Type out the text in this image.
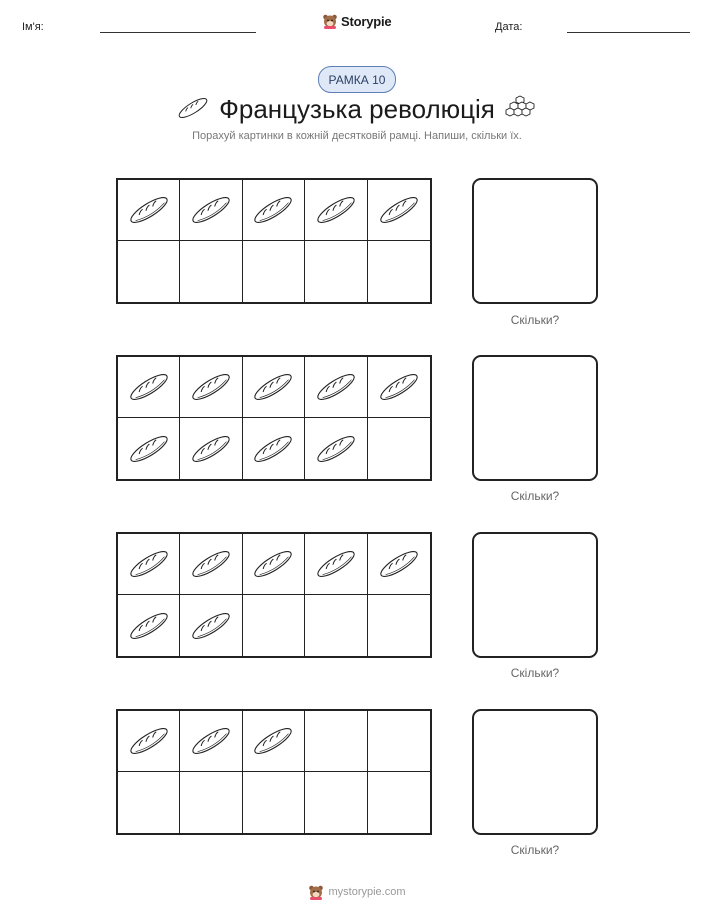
Ім'я:	Storypie	Дата:
РАМКА 10
Французька революція
Порахуй картинки в кожній десятковій рамці. Напиши, скільки їх.
Скільки?
Скільки?
Скільки?
Скільки?
mystorypie.com
